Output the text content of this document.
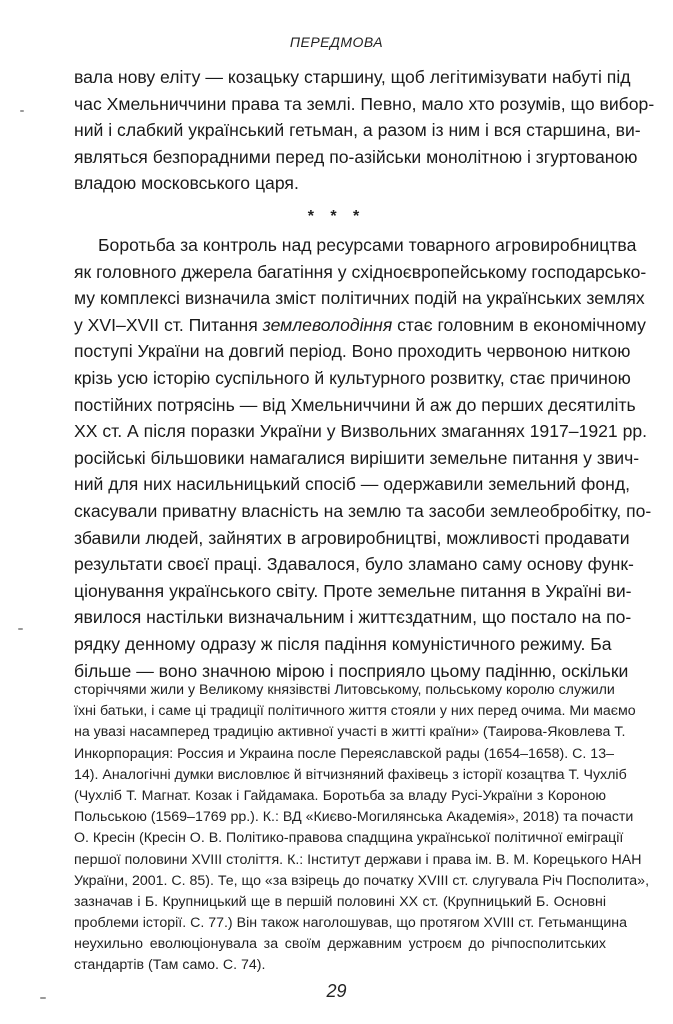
ПЕРЕДМОВА
вала нову еліту — козацьку старшину, щоб легітимізувати набуті під
час Хмельниччини права та землі. Певно, мало хто розумів, що вибор-
ний і слабкий український гетьман, а разом із ним і вся старшина, ви-
являться безпорадними перед по-азійськи монолітною і згуртованою
владою московського царя.
* * *
Боротьба за контроль над ресурсами товарного агровиробництва
як головного джерела багатіння у східноєвропейському господарсько-
му комплексі визначила зміст політичних подій на українських землях
у XVI–XVII ст. Питання землеволодіння стає головним в економічному
поступі України на довгий період. Воно проходить червоною ниткою
крізь усю історію суспільного й культурного розвитку, стає причиною
постійних потрясінь — від Хмельниччини й аж до перших десятиліть
ХХ ст. А після поразки України у Визвольних змаганнях 1917–1921 рр.
російські більшовики намагалися вирішити земельне питання у звич-
ний для них насильницький спосіб — одержавили земельний фонд,
скасували приватну власність на землю та засоби землеобробітку, по-
збавили людей, зайнятих в агровиробництві, можливості продавати
результати своєї праці. Здавалося, було зламано саму основу функ-
ціонування українського світу. Проте земельне питання в Україні ви-
явилося настільки визначальним і життєздатним, що постало на по-
рядку денному одразу ж після падіння комуністичного режиму. Ба
більше — воно значною мірою і посприяло цьому падінню, оскільки
сторіччями жили у Великому князівстві Литовському, польському королю служили
їхні батьки, і саме ці традиції політичного життя стояли у них перед очима. Ми маємо
на увазі насамперед традицію активної участі в житті країни» (Таирова-Яковлева Т.
Инкорпорация: Россия и Украина после Переяславской рады (1654–1658). С. 13–
14). Аналогічні думки висловлює й вітчизняний фахівець з історії козацтва Т. Чухліб
(Чухліб Т. Магнат. Козак і Гайдамака. Боротьба за владу Русі-України з Короною
Польською (1569–1769 рр.). К.: ВД «Києво-Могилянська Академія», 2018) та почасти
О. Кресін (Кресін О. В. Політико-правова спадщина української політичної еміграції
першої половини XVIII століття. К.: Інститут держави і права ім. В. М. Корецького НАН
України, 2001. С. 85). Те, що «за взірець до початку XVIII ст. слугувала Річ Посполита»,
зазначав і Б. Крупницький ще в першій половині ХХ ст. (Крупницький Б. Основні
проблеми історії. С. 77.) Він також наголошував, що протягом XVIII ст. Гетьманщина
неухильно еволюціонувала за своїм державним устроєм до річпосполитських
стандартів (Там само. С. 74).
29
